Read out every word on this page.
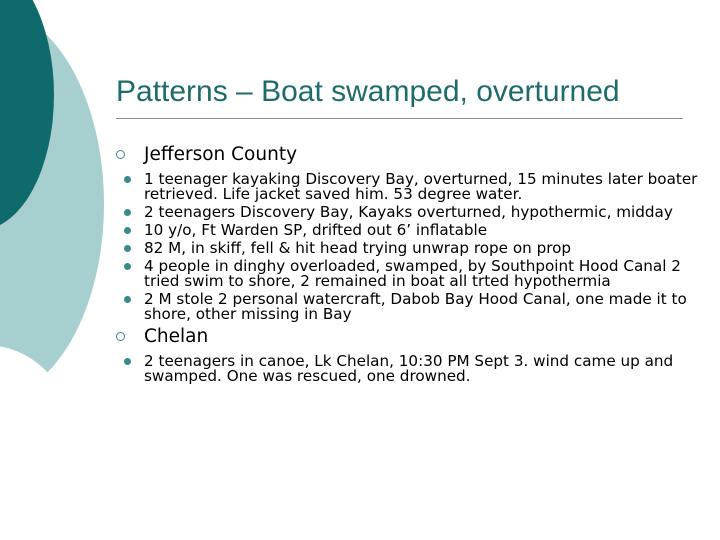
Patterns – Boat swamped, overturned
Jefferson County
1 teenager kayaking Discovery Bay, overturned, 15 minutes later boater retrieved. Life jacket saved him. 53 degree water.
2 teenagers Discovery Bay, Kayaks overturned, hypothermic, midday
10 y/o, Ft Warden SP, drifted out 6’ inflatable
82 M, in skiff, fell & hit head trying unwrap rope on prop
4 people in dinghy overloaded, swamped, by Southpoint Hood Canal 2 tried swim to shore, 2 remained in boat all trted hypothermia
2 M stole 2 personal watercraft, Dabob Bay Hood Canal, one made it to shore, other missing in Bay
Chelan
2 teenagers in canoe, Lk Chelan, 10:30 PM Sept 3. wind came up and swamped. One was rescued, one drowned.
